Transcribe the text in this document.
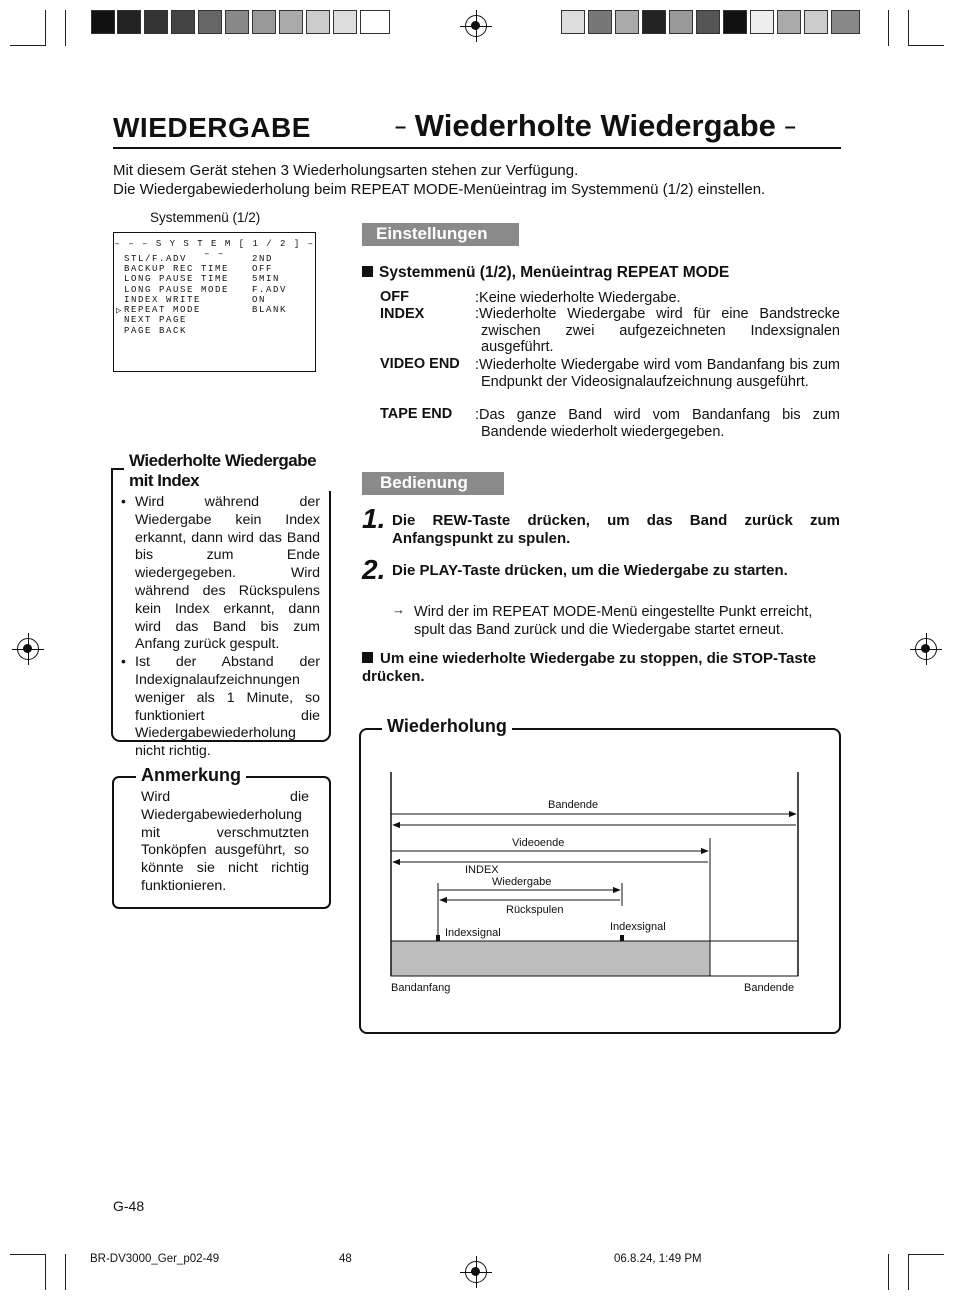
WIEDERGABE	– Wiederholte Wiedergabe –
Mit diesem Gerät stehen 3 Wiederholungsarten stehen zur Verfügung.
Die Wiedergabewiederholung beim REPEAT MODE-Menüeintrag im Systemmenü (1/2) einstellen.
Systemmenü (1/2)
– – – S Y S T E M [ 1 / 2 ] – – –
▷
STL/F.ADV	2ND
BACKUP REC TIME	OFF
LONG PAUSE TIME	5MIN
LONG PAUSE MODE	F.ADV
INDEX WRITE	ON
REPEAT MODE	BLANK
NEXT PAGE
PAGE BACK
Einstellungen
Systemmenü (1/2), Menüeintrag REPEAT MODE
OFF	:Keine wiederholte Wiedergabe.
INDEX	:Wiederholte Wiedergabe wird für eine Bandstrecke zwischen zwei aufgezeichneten Indexsignalen ausgeführt.
VIDEO END :Wiederholte Wiedergabe wird vom Bandanfang bis zum Endpunkt der Videosignalaufzeichnung ausgeführt.
TAPE END :Das ganze Band wird vom Bandanfang bis zum Bandende wiederholt wiedergegeben.
Bedienung
1. Die REW-Taste drücken, um das Band zurück zum Anfangspunkt zu spulen.
2. Die PLAY-Taste drücken, um die Wiedergabe zu starten.
→ Wird der im REPEAT MODE-Menü eingestellte Punkt erreicht, spult das Band zurück und die Wiedergabe startet erneut.
Um eine wiederholte Wiedergabe zu stoppen, die STOP-Taste drücken.
Wiederholte Wiedergabe mit Index
• Wird während der Wiedergabe kein Index erkannt, dann wird das Band bis zum Ende wiedergegeben. Wird während des Rückspulens kein Index erkannt, dann wird das Band bis zum Anfang zurück gespult.
• Ist der Abstand der Indexignalaufzeichnungen weniger als 1 Minute, so funktioniert die Wiedergabewiederholung nicht richtig.
Anmerkung
Wird die Wiedergabewiederholung mit verschmutzten Tonköpfen ausgeführt, so könnte sie nicht richtig funktionieren.
Wiederholung
Bandende
Videoende
INDEX
Wiedergabe
Rückspulen
Indexsignal	Indexsignal
Bandanfang	Bandende
G-48
BR-DV3000_Ger_p02-49	48	06.8.24, 1:49 PM
